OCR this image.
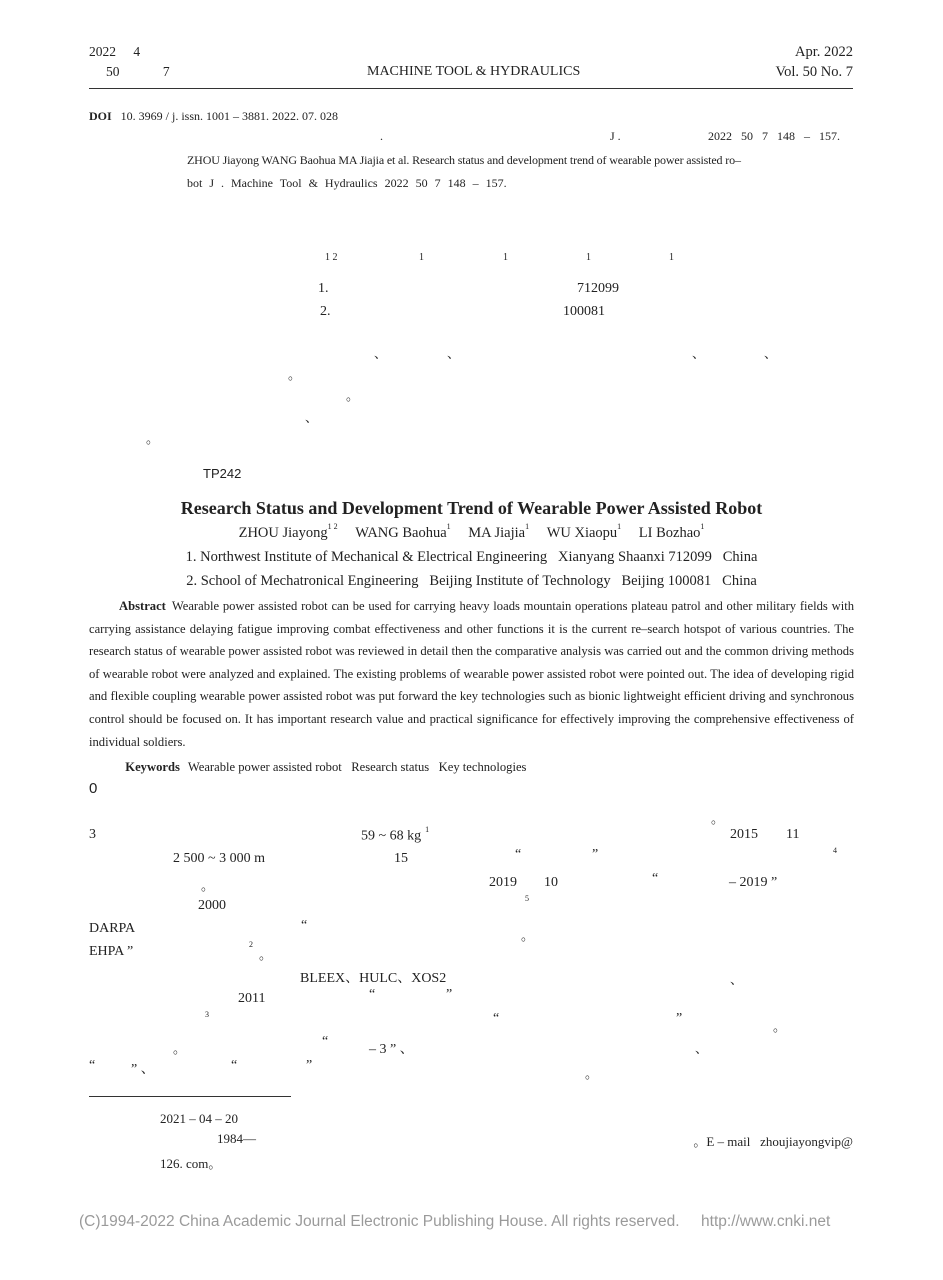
2022 4
50	7	MACHINE TOOL & HYDRAULICS
Apr. 2022
Vol. 50 No. 7
DOI 10. 3969 / j. issn. 1001 – 3881. 2022. 07. 028
.	J .	2022 50 7 148 – 157.
ZHOU Jiayong WANG Baohua MA Jiajia et al. Research status and development trend of wearable power assisted ro–
bot J . Machine Tool & Hydraulics 2022 50 7 148 – 157.
1 2	1	1	1	1
1.	712099
2.	100081
、	、	、	、
。
。
、
。
TP242
Research Status and Development Trend of Wearable Power Assisted Robot
ZHOU Jiayong$^{1 2}$ WANG Baohua$^1$ MA Jiajia$^1$ WU Xiaopu$^1$ LI Bozhao$^1$
1. Northwest Institute of Mechanical & Electrical Engineering   Xianyang Shaanxi 712099   China
2. School of Mechatronical Engineering   Beijing Institute of Technology   Beijing 100081   China
Abstract Wearable power assisted robot can be used for carrying heavy loads mountain operations plateau patrol and other military fields with carrying assistance delaying fatigue improving combat effectiveness and other functions it is the current re–search hotspot of various countries. The research status of wearable power assisted robot was reviewed in detail then the comparative analysis was carried out and the common driving methods of wearable robot were analyzed and explained. The existing problems of wearable power assisted robot were pointed out. The idea of developing rigid and flexible coupling wearable power assisted robot was put forward the key technologies such as bionic lightweight efficient driving and synchronous control should be focused on. It has important research value and practical significance for effectively improving the comprehensive effectiveness of individual soldiers.

Keywords Wearable power assisted robot   Research status   Key technologies

0
3	59 ~ 68 kg $^1$
2 500 ~ 3 000 m	15
。
2000
DARPA	“
EHPA ”	2
。
BLEEX、HULC、XOS2
2011	“	”
3
。	“
– 3 ” 、
“	” 、	“	”
。
2015 11
“	”	4
2019 10	“	– 2019 ”
5
。
、
“	”
。
、
。
2021 – 04 – 20
1984—	。E – mail   zhoujiayongvip@
126. com。
(C)1994-2022 China Academic Journal Electronic Publishing House. All rights reserved.     http://www.cnki.net
